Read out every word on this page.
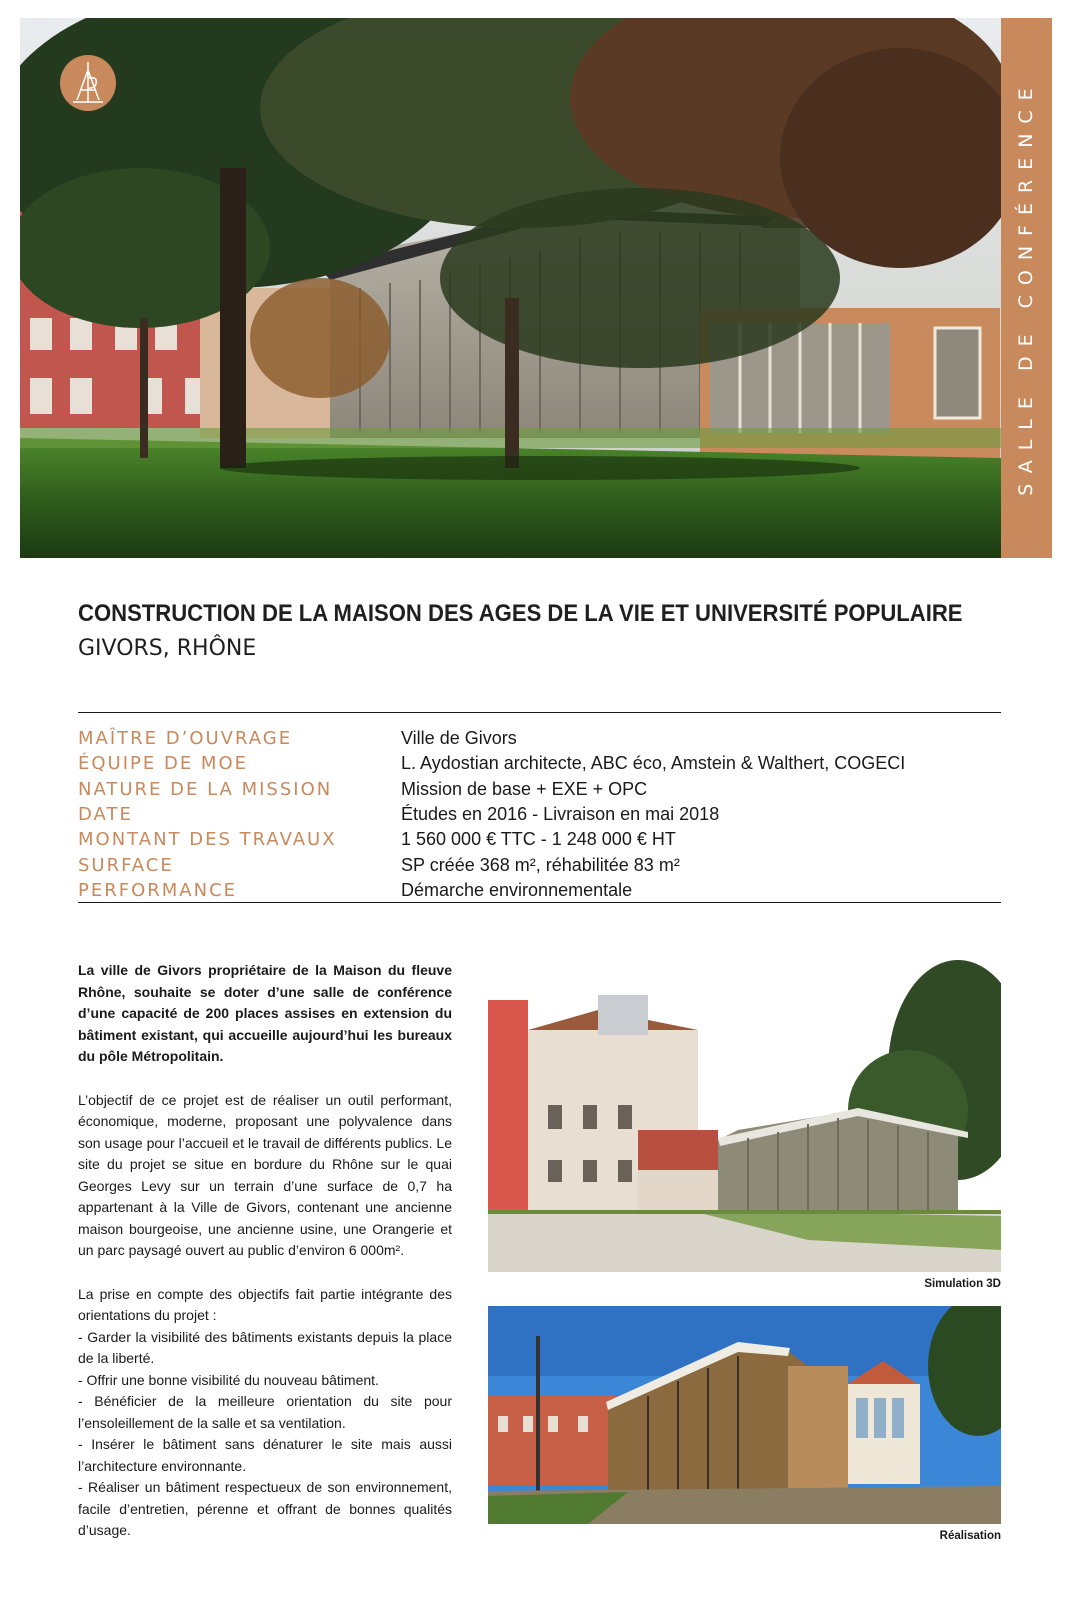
SALLE DE CONFÉRENCE
CONSTRUCTION DE LA MAISON DES AGES DE LA VIE ET UNIVERSITÉ POPULAIRE
GIVORS, RHÔNE
MAÎTRE D’OUVRAGE	Ville de Givors
ÉQUIPE DE MOE	L. Aydostian architecte, ABC éco, Amstein & Walthert, COGECI
NATURE DE LA MISSION	Mission de base + EXE + OPC
DATE	Études en 2016 - Livraison en mai 2018
MONTANT DES TRAVAUX	1 560 000 € TTC - 1 248 000 € HT
SURFACE	SP créée 368 m², réhabilitée 83 m²
PERFORMANCE	Démarche environnementale

La ville de Givors propriétaire de la Maison du fleuve Rhône, souhaite se doter d’une salle de conférence d’une capacité de 200 places assises en extension du bâtiment existant, qui accueille aujourd’hui les bureaux du pôle Métropolitain.

L’objectif de ce projet est de réaliser un outil performant, économique, moderne, proposant une polyvalence dans son usage pour l’accueil et le travail de différents publics. Le site du projet se situe en bordure du Rhône sur le quai Georges Levy sur un terrain d’une surface de 0,7 ha appartenant à la Ville de Givors, contenant une ancienne maison bourgeoise, une ancienne usine, une Orangerie et un parc paysagé ouvert au public d’environ 6 000m².

La prise en compte des objectifs fait partie intégrante des orientations du projet :

- Garder la visibilité des bâtiments existants depuis la place de la liberté.
- Offrir une bonne visibilité du nouveau bâtiment.
- Bénéficier de la meilleure orientation du site pour l’ensoleillement de la salle et sa ventilation.
- Insérer le bâtiment sans dénaturer le site mais aussi l’architecture environnante.
- Réaliser un bâtiment respectueux de son environnement, facile d’entretien, pérenne et offrant de bonnes qualités d’usage.
Simulation 3D
Réalisation
